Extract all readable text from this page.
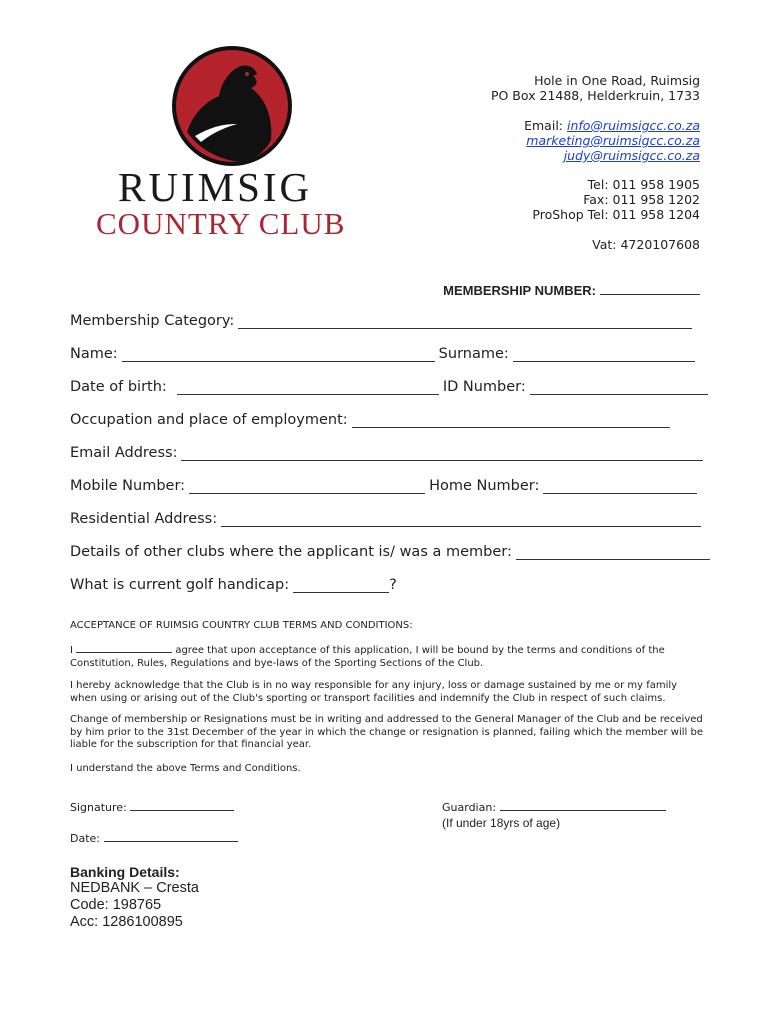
RUIMSIG
COUNTRY CLUB
Hole in One Road, Ruimsig
PO Box 21488, Helderkruin, 1733
Email: info@ruimsigcc.co.za
marketing@ruimsigcc.co.za
judy@ruimsigcc.co.za
Tel: 011 958 1905
Fax: 011 958 1202
ProShop Tel: 011 958 1204
Vat: 4720107608
MEMBERSHIP NUMBER:
Membership Category:
Name:	Surname:
Date of birth:	ID Number:
Occupation and place of employment:
Email Address:
Mobile Number:	Home Number:
Residential Address:
Details of other clubs where the applicant is/ was a member:
What is current golf handicap:	?
ACCEPTANCE OF RUIMSIG COUNTRY CLUB TERMS AND CONDITIONS:

I	agree that upon acceptance of this application, I will be bound by the terms and conditions of the Constitution, Rules, Regulations and bye-laws of the Sporting Sections of the Club.

I hereby acknowledge that the Club is in no way responsible for any injury, loss or damage sustained by me or my family when using or arising out of the Club's sporting or transport facilities and indemnify the Club in respect of such claims.
Change of membership or Resignations must be in writing and addressed to the General Manager of the Club and be received by him prior to the 31st December of the year in which the change or resignation is planned, failing which the member will be liable for the subscription for that financial year.
I understand the above Terms and Conditions.
Signature:	Guardian:
(If under 18yrs of age)
Date:
Banking Details:
NEDBANK – Cresta
Code: 198765
Acc: 1286100895
